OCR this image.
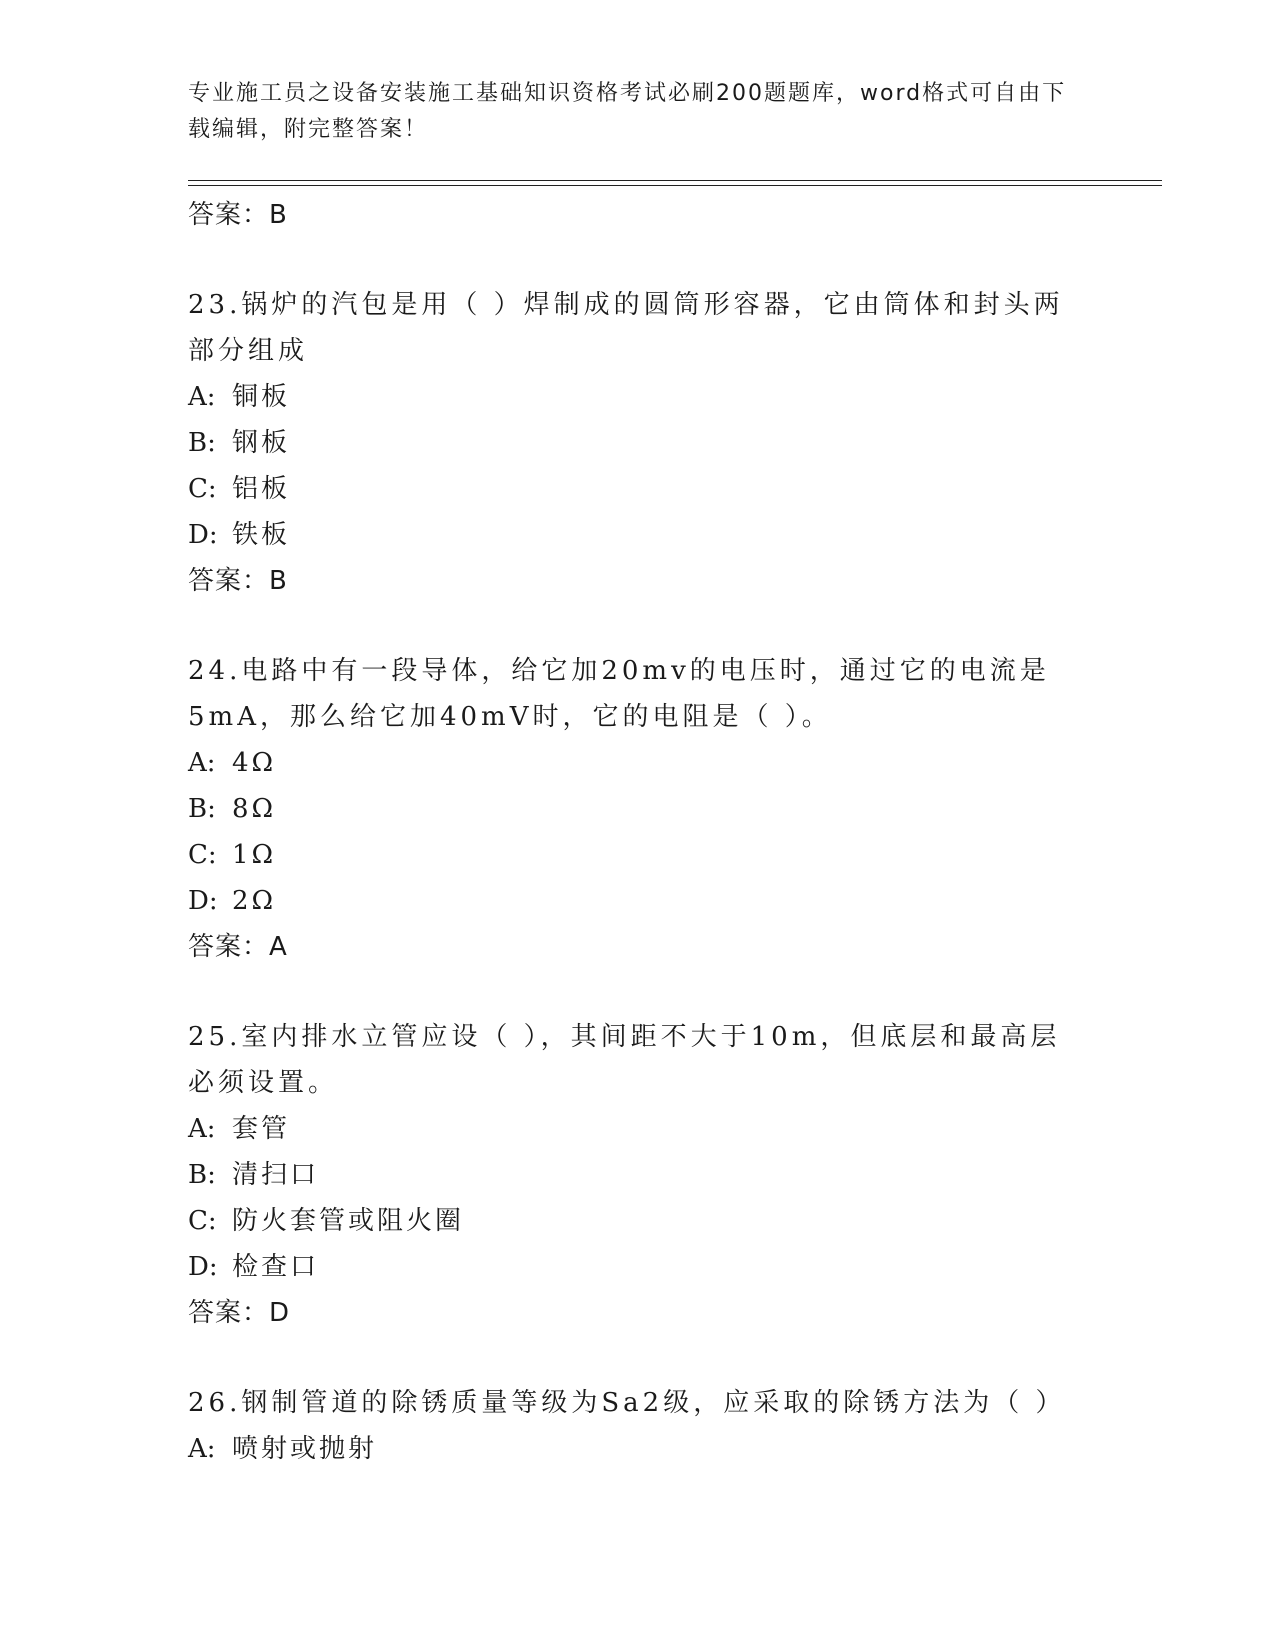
专业施工员之设备安装施工基础知识资格考试必刷200题题库，word格式可自由下载编辑，附完整答案！
答案：B
23.锅炉的汽包是用（ ）焊制成的圆筒形容器，它由筒体和封头两部分组成
A: 铜板
B: 钢板
C: 铝板
D: 铁板
答案：B
24.电路中有一段导体，给它加20mv的电压时，通过它的电流是5mA，那么给它加40mV时，它的电阻是（ ）。
A: 4Ω
B: 8Ω
C: 1Ω
D: 2Ω
答案：A
25.室内排水立管应设（ ），其间距不大于10m，但底层和最高层必须设置。
A: 套管
B: 清扫口
C: 防火套管或阻火圈
D: 检查口
答案：D
26.钢制管道的除锈质量等级为Sa2级，应采取的除锈方法为（ ）
A: 喷射或抛射
